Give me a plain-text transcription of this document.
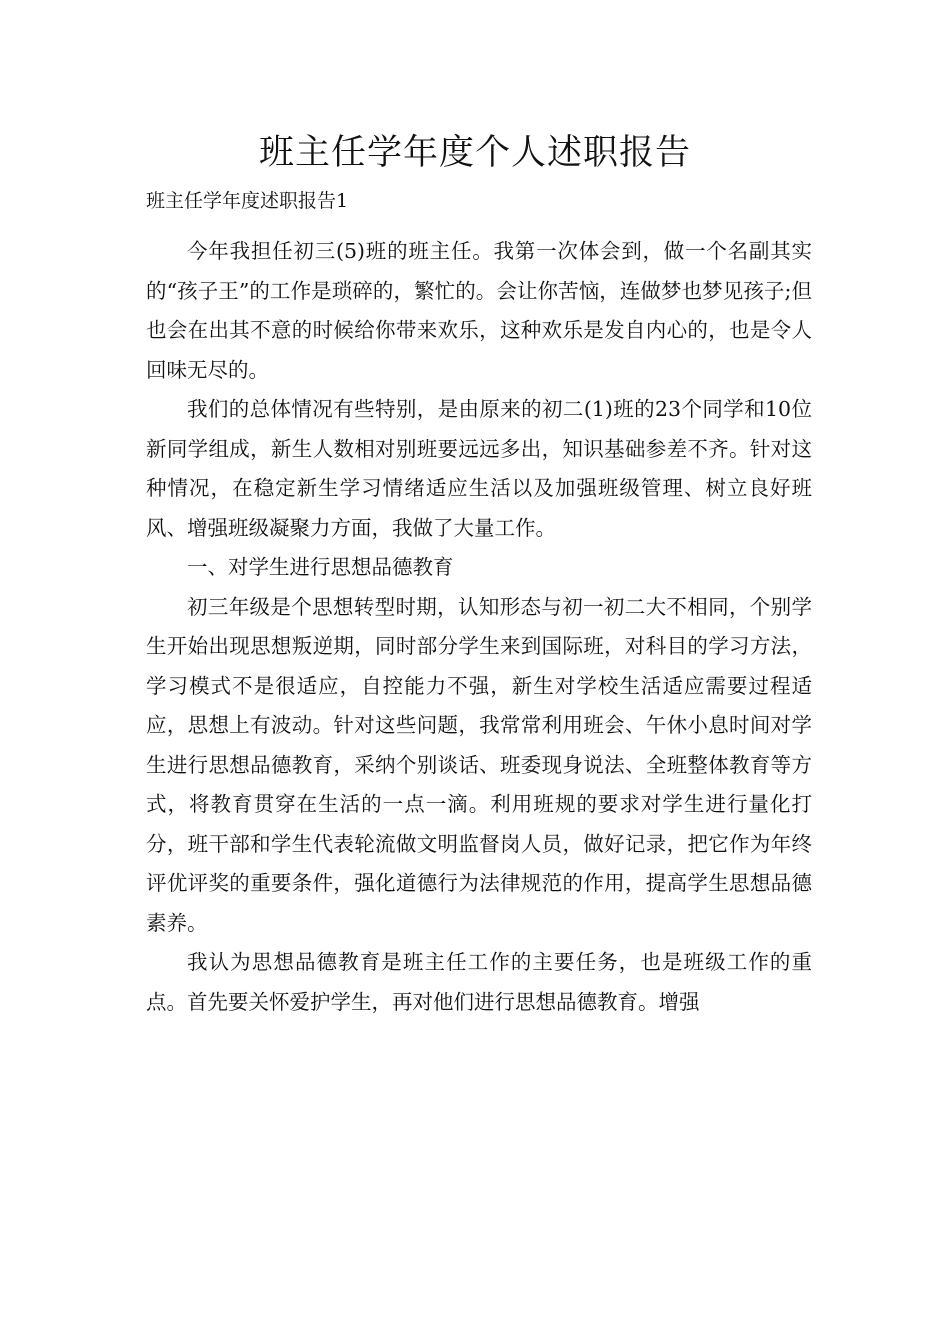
班主任学年度个人述职报告

班主任学年度述职报告1

今年我担任初三(5)班的班主任。我第一次体会到，做一个名副其实的“孩子王”的工作是琐碎的，繁忙的。会让你苦恼，连做梦也梦见孩子;但也会在出其不意的时候给你带来欢乐，这种欢乐是发自内心的，也是令人回味无尽的。

我们的总体情况有些特别，是由原来的初二(1)班的23个同学和10位新同学组成，新生人数相对别班要远远多出，知识基础参差不齐。针对这种情况，在稳定新生学习情绪适应生活以及加强班级管理、树立良好班风、增强班级凝聚力方面，我做了大量工作。

一、对学生进行思想品德教育

初三年级是个思想转型时期，认知形态与初一初二大不相同，个别学生开始出现思想叛逆期，同时部分学生来到国际班，对科目的学习方法，学习模式不是很适应，自控能力不强，新生对学校生活适应需要过程适应，思想上有波动。针对这些问题，我常常利用班会、午休小息时间对学生进行思想品德教育，采纳个别谈话、班委现身说法、全班整体教育等方式，将教育贯穿在生活的一点一滴。利用班规的要求对学生进行量化打分，班干部和学生代表轮流做文明监督岗人员，做好记录，把它作为年终评优评奖的重要条件，强化道德行为法律规范的作用，提高学生思想品德素养。

我认为思想品德教育是班主任工作的主要任务，也是班级工作的重点。首先要关怀爱护学生，再对他们进行思想品德教育。增强
